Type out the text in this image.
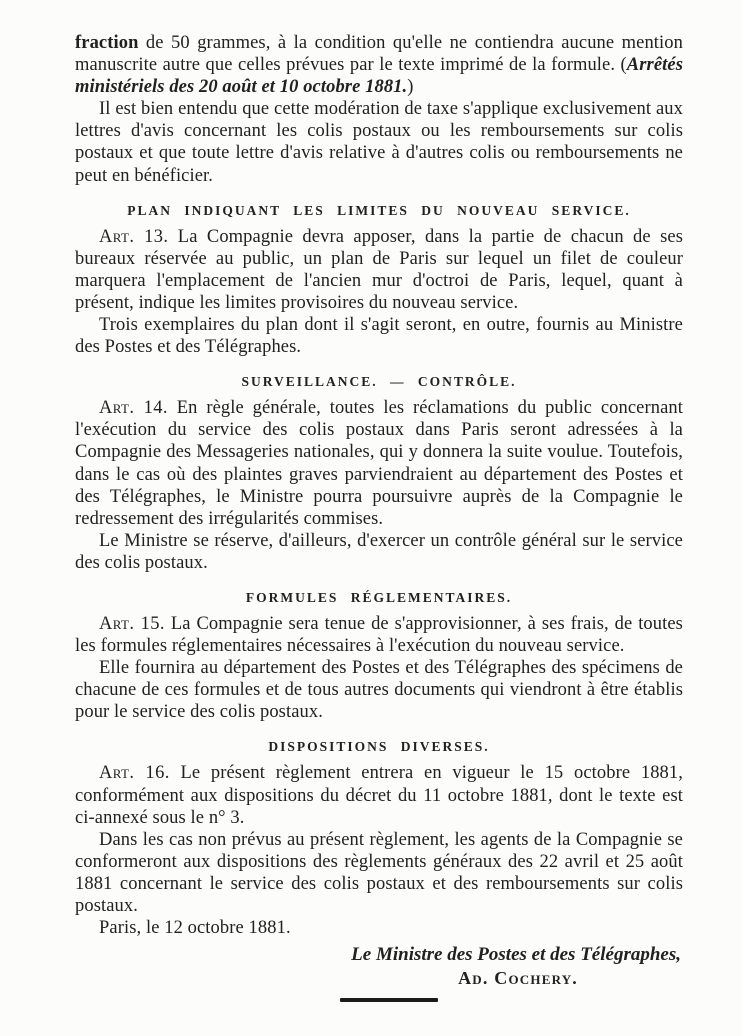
fraction de 50 grammes, à la condition qu'elle ne contiendra aucune mention manuscrite autre que celles prévues par le texte imprimé de la formule. (Arrêtés ministériels des 20 août et 10 octobre 1881.)

Il est bien entendu que cette modération de taxe s'applique exclusivement aux lettres d'avis concernant les colis postaux ou les remboursements sur colis postaux et que toute lettre d'avis relative à d'autres colis ou remboursements ne peut en bénéficier.

PLAN INDIQUANT LES LIMITES DU NOUVEAU SERVICE.

Art. 13. La Compagnie devra apposer, dans la partie de chacun de ses bureaux réservée au public, un plan de Paris sur lequel un filet de couleur marquera l'emplacement de l'ancien mur d'octroi de Paris, lequel, quant à présent, indique les limites provisoires du nouveau service.

Trois exemplaires du plan dont il s'agit seront, en outre, fournis au Ministre des Postes et des Télégraphes.

SURVEILLANCE. — CONTRÔLE.

Art. 14. En règle générale, toutes les réclamations du public concernant l'exécution du service des colis postaux dans Paris seront adressées à la Compagnie des Messageries nationales, qui y donnera la suite voulue. Toutefois, dans le cas où des plaintes graves parviendraient au département des Postes et des Télégraphes, le Ministre pourra poursuivre auprès de la Compagnie le redressement des irrégularités commises.

Le Ministre se réserve, d'ailleurs, d'exercer un contrôle général sur le service des colis postaux.

FORMULES RÉGLEMENTAIRES.

Art. 15. La Compagnie sera tenue de s'approvisionner, à ses frais, de toutes les formules réglementaires nécessaires à l'exécution du nouveau service.

Elle fournira au département des Postes et des Télégraphes des spécimens de chacune de ces formules et de tous autres documents qui viendront à être établis pour le service des colis postaux.

DISPOSITIONS DIVERSES.

Art. 16. Le présent règlement entrera en vigueur le 15 octobre 1881, conformément aux dispositions du décret du 11 octobre 1881, dont le texte est ci-annexé sous le n° 3.

Dans les cas non prévus au présent règlement, les agents de la Compagnie se conformeront aux dispositions des règlements généraux des 22 avril et 25 août 1881 concernant le service des colis postaux et des remboursements sur colis postaux.

Paris, le 12 octobre 1881.

Le Ministre des Postes et des Télégraphes,

Ad. Cochery.
